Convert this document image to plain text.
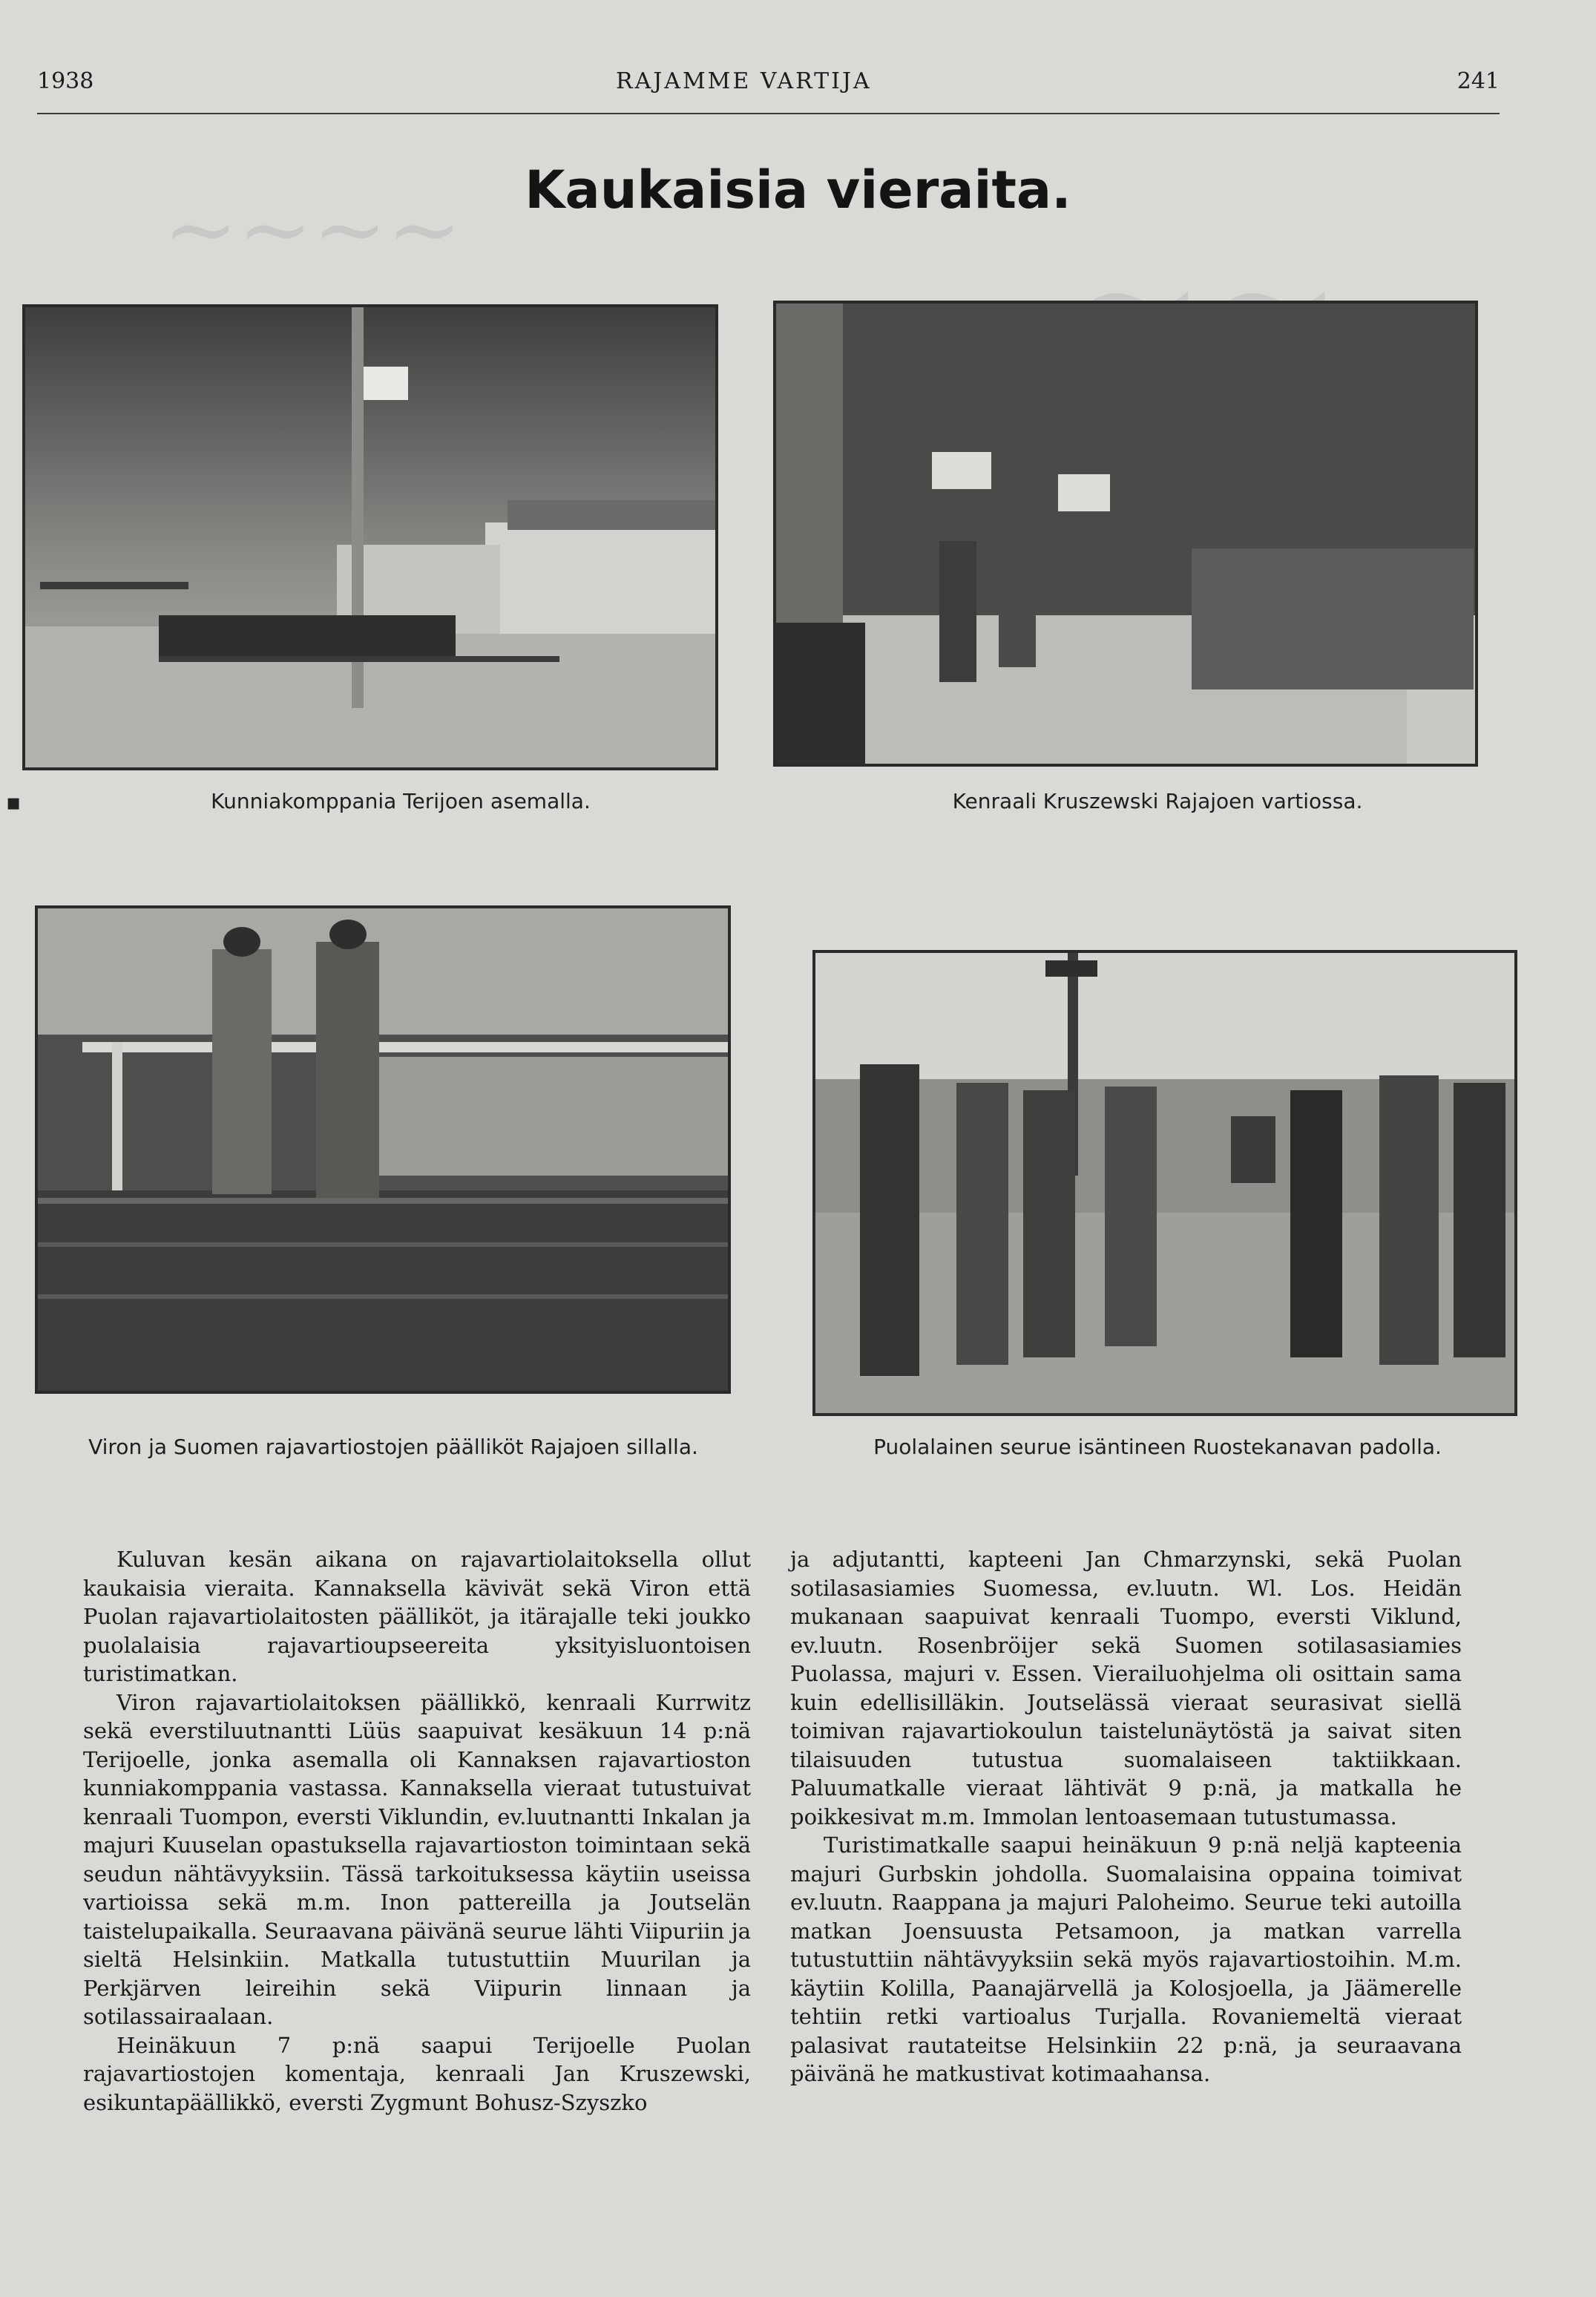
~~~~
1938	RAJAMME VARTIJA	241
Kaukaisia vieraita.
▪	Kunniakomppania Terijoen asemalla.	Kenraali Kruszewski Rajajoen vartiossa.
Viron ja Suomen rajavartiostojen päälliköt Rajajoen sillalla.	Puolalainen seurue isäntineen Ruostekanavan padolla.

Kuluvan kesän aikana on rajavartiolaitoksella ollut kaukaisia vieraita. Kannaksella kävivät sekä Viron että Puolan rajavartiolaitosten päälliköt, ja itärajalle teki joukko puolalaisia rajavartioupseereita yksityisluontoisen turistimatkan.

Viron rajavartiolaitoksen päällikkö, kenraali Kurrwitz sekä everstiluutnantti Lüüs saapuivat kesäkuun 14 p:nä Terijoelle, jonka asemalla oli Kannaksen rajavartioston kunniakomppania vastassa. Kannaksella vieraat tutustuivat kenraali Tuompon, eversti Viklundin, ev.luutnantti Inkalan ja majuri Kuuselan opastuksella rajavartioston toimintaan sekä seudun nähtävyyksiin. Tässä tarkoituksessa käytiin useissa vartioissa sekä m.m. Inon pattereilla ja Joutselän taistelupaikalla. Seuraavana päivänä seurue lähti Viipuriin ja sieltä Helsinkiin. Matkalla tutustuttiin Muurilan ja Perkjärven leireihin sekä Viipurin linnaan ja sotilassairaalaan.

Heinäkuun 7 p:nä saapui Terijoelle Puolan rajavartiostojen komentaja, kenraali Jan Kruszewski, esikuntapäällikkö, eversti Zygmunt Bohusz-Szyszko

ja adjutantti, kapteeni Jan Chmarzynski, sekä Puolan sotilasasiamies Suomessa, ev.luutn. Wl. Los. Heidän mukanaan saapuivat kenraali Tuompo, eversti Viklund, ev.luutn. Rosenbröijer sekä Suomen sotilasasiamies Puolassa, majuri v. Essen. Vierailuohjelma oli osittain sama kuin edellisilläkin. Joutselässä vieraat seurasivat siellä toimivan rajavartiokoulun taistelunäytöstä ja saivat siten tilaisuuden tutustua suomalaiseen taktiikkaan. Paluumatkalle vieraat lähtivät 9 p:nä, ja matkalla he poikkesivat m.m. Immolan lentoasemaan tutustumassa.

Turistimatkalle saapui heinäkuun 9 p:nä neljä kapteenia majuri Gurbskin johdolla. Suomalaisina oppaina toimivat ev.luutn. Raappana ja majuri Paloheimo. Seurue teki autoilla matkan Joensuusta Petsamoon, ja matkan varrella tutustuttiin nähtävyyksiin sekä myös rajavartiostoihin. M.m. käytiin Kolilla, Paanajärvellä ja Kolosjoella, ja Jäämerelle tehtiin retki vartioalus Turjalla. Rovaniemeltä vieraat palasivat rautateitse Helsinkiin 22 p:nä, ja seuraavana päivänä he matkustivat kotimaahansa.
